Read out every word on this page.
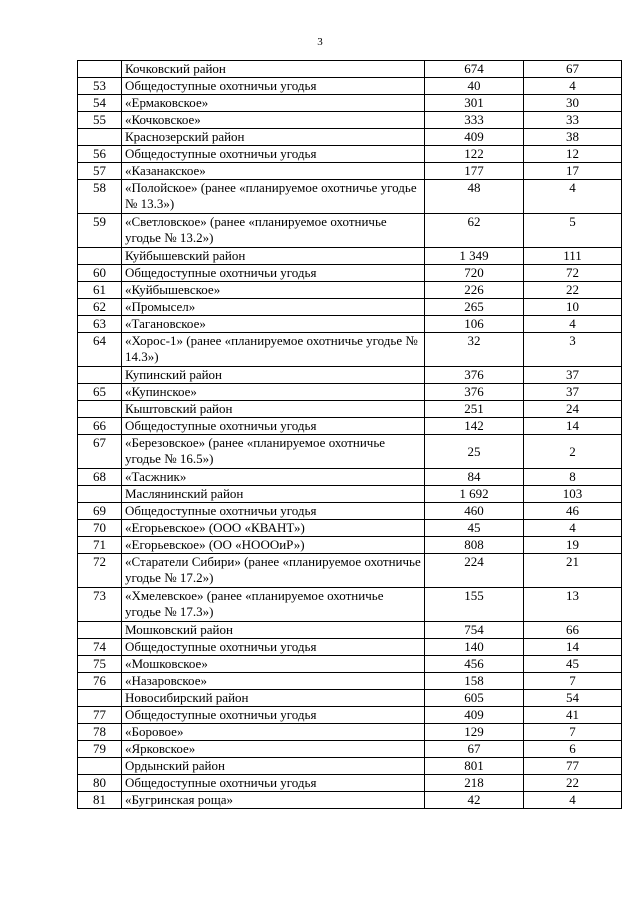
3
	Кочковский район	674	67
53	Общедоступные охотничьи угодья	40	4
54	«Ермаковское»	301	30
55	«Кочковское»	333	33
	Краснозерский район	409	38
56	Общедоступные охотничьи угодья	122	12
57	«Казанакское»	177	17
58	«Полойское» (ранее «планируемое охотничье угодье № 13.3»)	48	4
59	«Светловское» (ранее «планируемое охотничье угодье № 13.2»)	62	5
	Куйбышевский район	1 349	111
60	Общедоступные охотничьи угодья	720	72
61	«Куйбышевское»	226	22
62	«Промысел»	265	10
63	«Тагановское»	106	4
64	«Хорос-1» (ранее «планируемое охотничье угодье № 14.3»)	32	3
	Купинский район	376	37
65	«Купинское»	376	37
	Кыштовский район	251	24
66	Общедоступные охотничьи угодья	142	14
67	«Березовское» (ранее «планируемое охотничье угодье № 16.5»)	25	2
68	«Тасжник»	84	8
	Маслянинский район	1 692	103
69	Общедоступные охотничьи угодья	460	46
70	«Егорьевское» (ООО «КВАНТ»)	45	4
71	«Егорьевское» (ОО «НОООиР»)	808	19
72	«Старатели Сибири» (ранее «планируемое охотничье угодье № 17.2»)	224	21
73	«Хмелевское» (ранее «планируемое охотничье угодье № 17.3»)	155	13
	Мошковский район	754	66
74	Общедоступные охотничьи угодья	140	14
75	«Мошковское»	456	45
76	«Назаровское»	158	7
	Новосибирский район	605	54
77	Общедоступные охотничьи угодья	409	41
78	«Боровое»	129	7
79	«Ярковское»	67	6
	Ордынский район	801	77
80	Общедоступные охотничьи угодья	218	22
81	«Бугринская роща»	42	4
